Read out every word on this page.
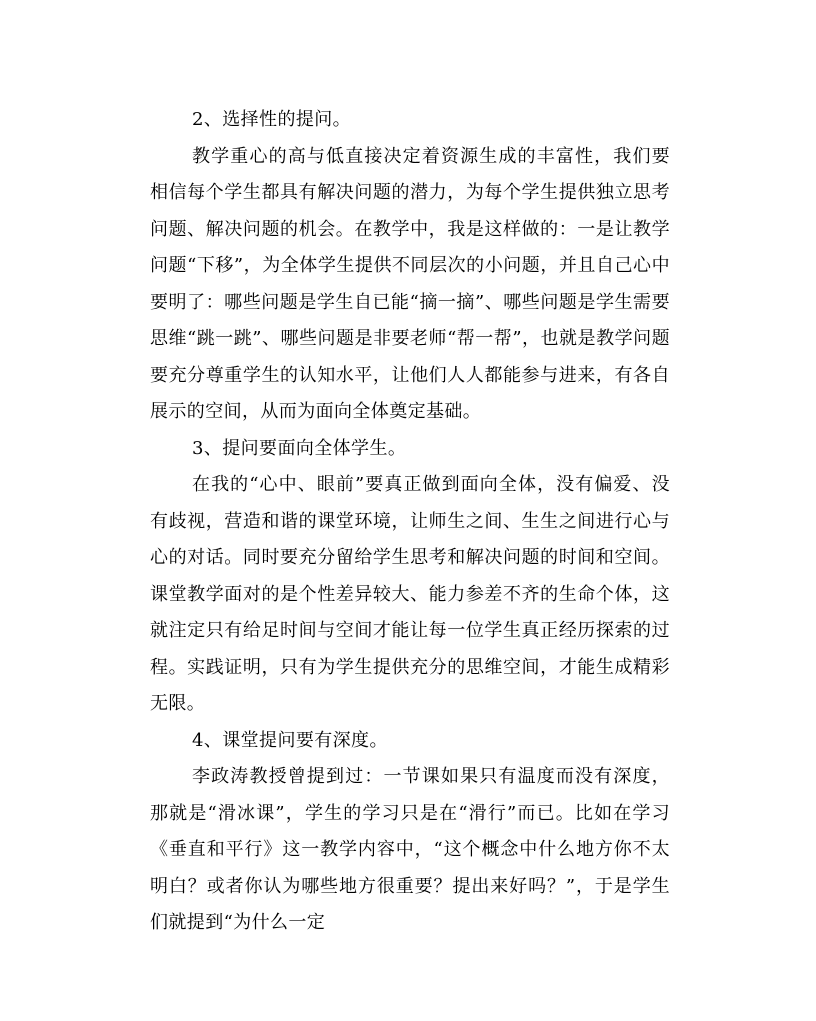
2、选择性的提问。

教学重心的高与低直接决定着资源生成的丰富性，我们要相信每个学生都具有解决问题的潜力，为每个学生提供独立思考问题、解决问题的机会。在教学中，我是这样做的：一是让教学问题“下移”，为全体学生提供不同层次的小问题，并且自己心中要明了：哪些问题是学生自已能“摘一摘”、哪些问题是学生需要思维“跳一跳”、哪些问题是非要老师“帮一帮”，也就是教学问题要充分尊重学生的认知水平，让他们人人都能参与进来，有各自展示的空间，从而为面向全体奠定基础。

3、提问要面向全体学生。

在我的“心中、眼前”要真正做到面向全体，没有偏爱、没有歧视，营造和谐的课堂环境，让师生之间、生生之间进行心与心的对话。同时要充分留给学生思考和解决问题的时间和空间。课堂教学面对的是个性差异较大、能力参差不齐的生命个体，这就注定只有给足时间与空间才能让每一位学生真正经历探索的过程。实践证明，只有为学生提供充分的思维空间，才能生成精彩无限。

4、课堂提问要有深度。

李政涛教授曾提到过：一节课如果只有温度而没有深度，那就是“滑冰课”，学生的学习只是在“滑行”而已。比如在学习《垂直和平行》这一教学内容中，“这个概念中什么地方你不太明白？或者你认为哪些地方很重要？提出来好吗？”，于是学生们就提到“为什么一定
